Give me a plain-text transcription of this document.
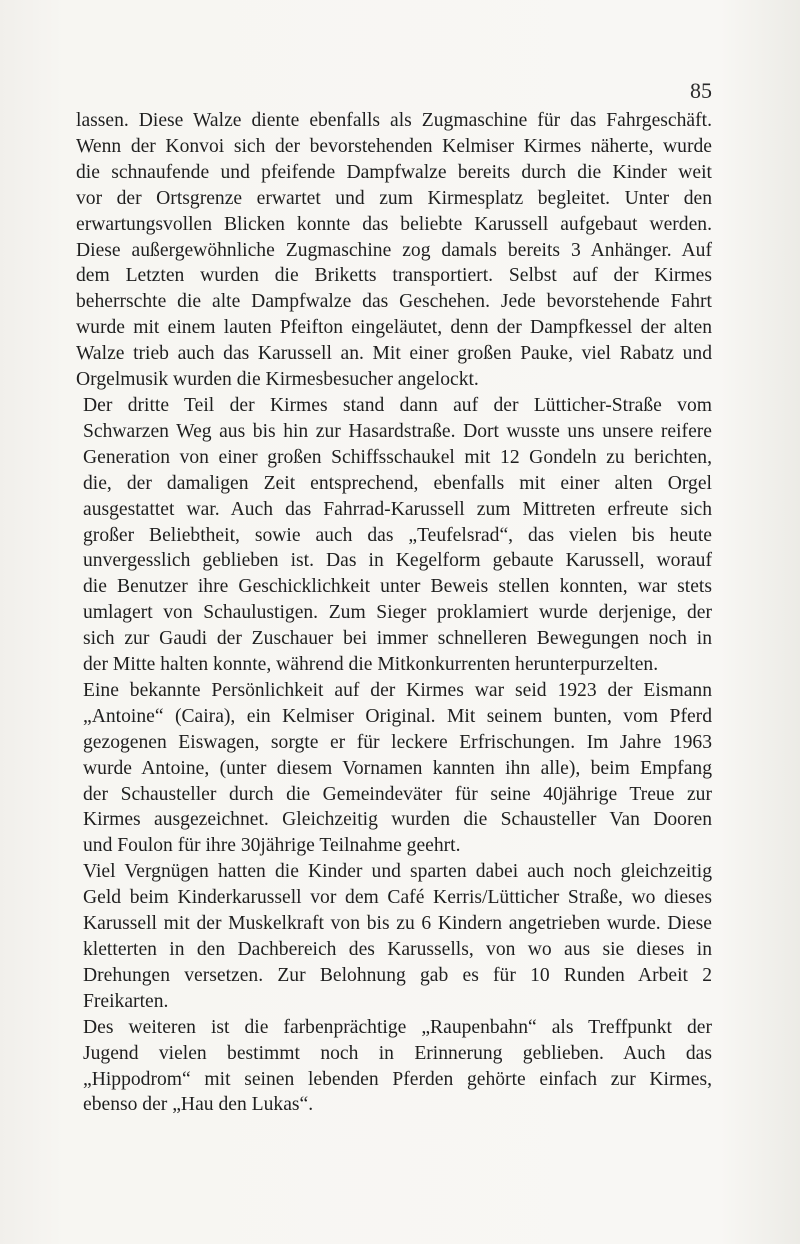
85
lassen. Diese Walze diente ebenfalls als Zugmaschine für das Fahrgeschäft.
Wenn der Konvoi sich der bevorstehenden Kelmiser Kirmes näherte, wurde
die schnaufende und pfeifende Dampfwalze bereits durch die Kinder weit
vor der Ortsgrenze erwartet und zum Kirmesplatz begleitet. Unter den
erwartungsvollen Blicken konnte das beliebte Karussell aufgebaut werden.
Diese außergewöhnliche Zugmaschine zog damals bereits 3 Anhänger. Auf
dem Letzten wurden die Briketts transportiert. Selbst auf der Kirmes
beherrschte die alte Dampfwalze das Geschehen. Jede bevorstehende Fahrt
wurde mit einem lauten Pfeifton eingeläutet, denn der Dampfkessel der alten
Walze trieb auch das Karussell an. Mit einer großen Pauke, viel Rabatz und
Orgelmusik wurden die Kirmesbesucher angelockt.
Der dritte Teil der Kirmes stand dann auf der Lütticher-Straße vom
Schwarzen Weg aus bis hin zur Hasardstraße. Dort wusste uns unsere reifere
Generation von einer großen Schiffsschaukel mit 12 Gondeln zu berichten,
die, der damaligen Zeit entsprechend, ebenfalls mit einer alten Orgel
ausgestattet war. Auch das Fahrrad-Karussell zum Mittreten erfreute sich
großer Beliebtheit, sowie auch das „Teufelsrad“, das vielen bis heute
unvergesslich geblieben ist. Das in Kegelform gebaute Karussell, worauf
die Benutzer ihre Geschicklichkeit unter Beweis stellen konnten, war stets
umlagert von Schaulustigen. Zum Sieger proklamiert wurde derjenige, der
sich zur Gaudi der Zuschauer bei immer schnelleren Bewegungen noch in
der Mitte halten konnte, während die Mitkonkurrenten herunterpurzelten.
Eine bekannte Persönlichkeit auf der Kirmes war seid 1923 der Eismann
„Antoine“ (Caira), ein Kelmiser Original. Mit seinem bunten, vom Pferd
gezogenen Eiswagen, sorgte er für leckere Erfrischungen. Im Jahre 1963
wurde Antoine, (unter diesem Vornamen kannten ihn alle), beim Empfang
der Schausteller durch die Gemeindeväter für seine 40jährige Treue zur
Kirmes ausgezeichnet. Gleichzeitig wurden die Schausteller Van Dooren
und Foulon für ihre 30jährige Teilnahme geehrt.
Viel Vergnügen hatten die Kinder und sparten dabei auch noch gleichzeitig
Geld beim Kinderkarussell vor dem Café Kerris/Lütticher Straße, wo dieses
Karussell mit der Muskelkraft von bis zu 6 Kindern angetrieben wurde. Diese
kletterten in den Dachbereich des Karussells, von wo aus sie dieses in
Drehungen versetzen. Zur Belohnung gab es für 10 Runden Arbeit 2
Freikarten.
Des weiteren ist die farbenprächtige „Raupenbahn“ als Treffpunkt der
Jugend vielen bestimmt noch in Erinnerung geblieben. Auch das
„Hippodrom“ mit seinen lebenden Pferden gehörte einfach zur Kirmes,
ebenso der „Hau den Lukas“.
